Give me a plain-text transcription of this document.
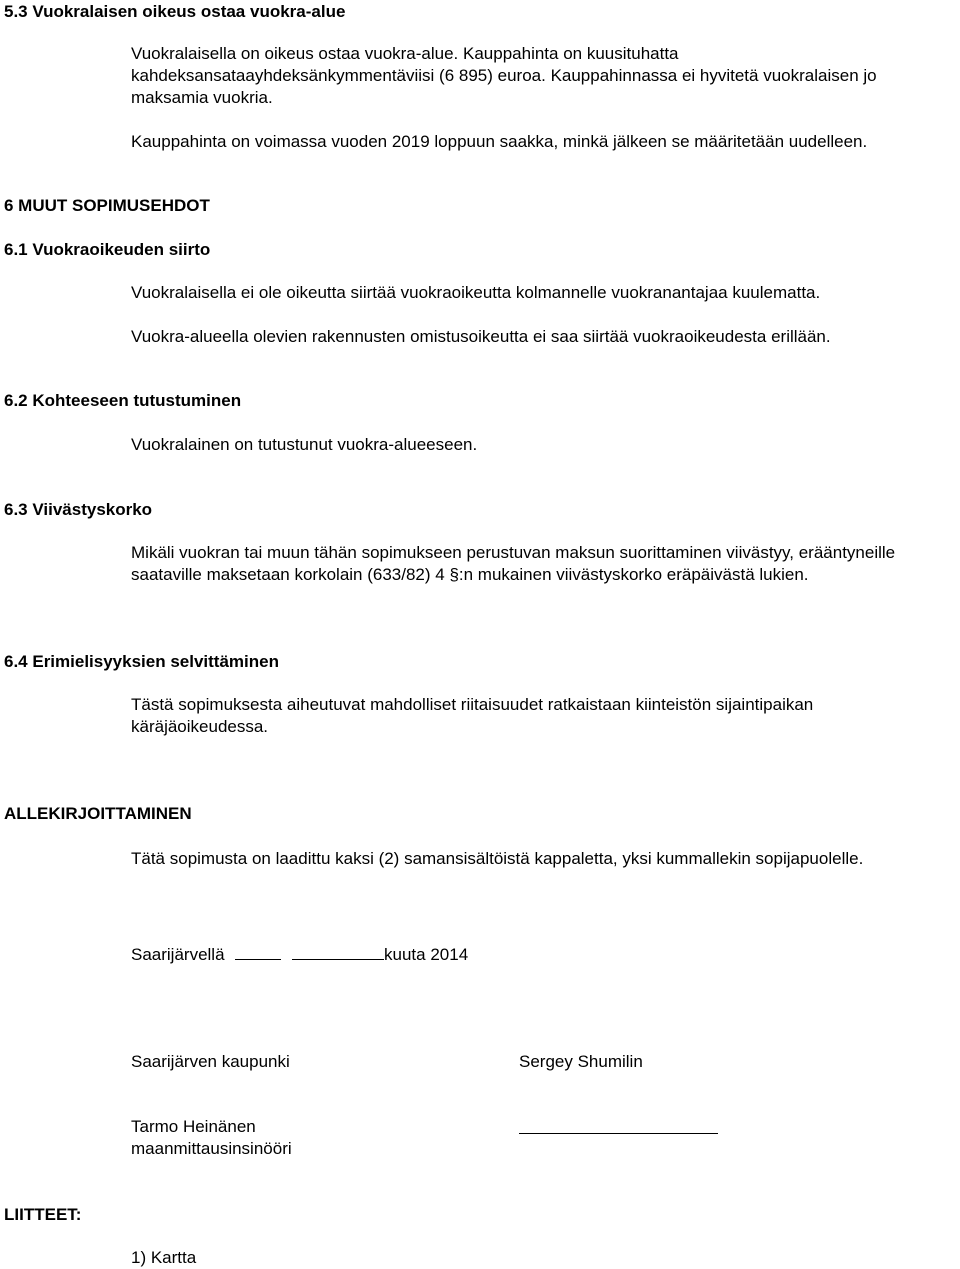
5.3 Vuokralaisen oikeus ostaa vuokra-alue
Vuokralaisella on oikeus ostaa vuokra-alue. Kauppahinta on kuusituhatta kahdeksansataayhdeksänkymmentäviisi (6 895) euroa. Kauppahinnassa ei hyvitetä vuokralaisen jo maksamia vuokria.
Kauppahinta on voimassa vuoden 2019 loppuun saakka, minkä jälkeen se määritetään uudelleen.
6 MUUT SOPIMUSEHDOT
6.1 Vuokraoikeuden siirto
Vuokralaisella ei ole oikeutta siirtää vuokraoikeutta kolmannelle vuokranantajaa kuulematta.
Vuokra-alueella olevien rakennusten omistusoikeutta ei saa siirtää vuokraoikeudesta erillään.
6.2 Kohteeseen tutustuminen
Vuokralainen on tutustunut vuokra-alueeseen.
6.3 Viivästyskorko
Mikäli vuokran tai muun tähän sopimukseen perustuvan maksun suorittaminen viivästyy, erääntyneille saataville maksetaan korkolain (633/82) 4 §:n mukainen viivästyskorko eräpäivästä lukien.
6.4 Erimielisyyksien selvittäminen
Tästä sopimuksesta aiheutuvat mahdolliset riitaisuudet ratkaistaan kiinteistön sijaintipaikan käräjäoikeudessa.
ALLEKIRJOITTAMINEN
Tätä sopimusta on laadittu kaksi (2) samansisältöistä kappaletta, yksi kummallekin sopijapuolelle.
Saarijärvellä	kuuta 2014
Saarijärven kaupunki	Sergey Shumilin
Tarmo Heinänen
maanmittausinsinööri
LIITTEET:
1) Kartta
